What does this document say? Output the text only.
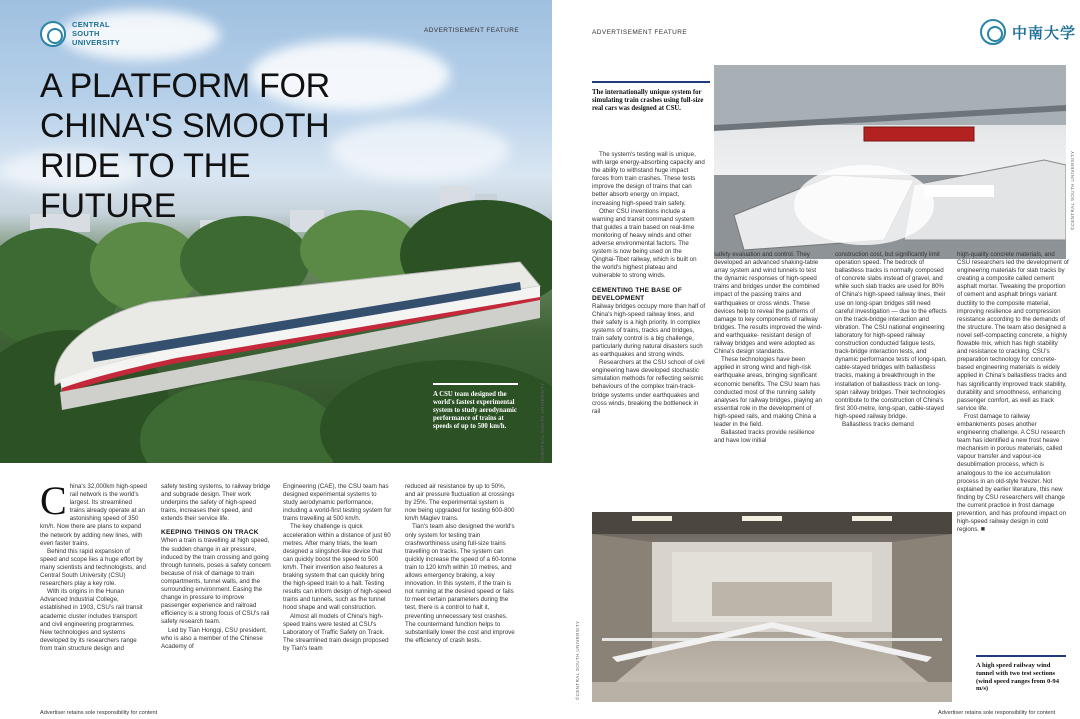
A CSU team designed the world's fastest experimental system to study aerodynamic performance of trains at speeds of up to 500 km/h.
CENTRAL SOUTH UNIVERSITY
ADVERTISEMENT FEATURE
A PLATFORM FOR CHINA'S SMOOTH RIDE TO THE FUTURE
©CENTRAL SOUTH UNIVERSITY
C hina's 32,000km high-speed rail network is the world's largest. Its streamlined trains already operate at an astonishing speed of 350 km/h. Now there are plans to expand the network by adding new lines, with even faster trains.

Behind this rapid expansion of speed and scope lies a huge effort by many scientists and technologists, and Central South University (CSU) researchers play a key role.

With its origins in the Hunan Advanced Industrial College, established in 1903, CSU's rail transit academic cluster includes transport and civil engineering programmes. New technologies and systems developed by its researchers range from train structure design and

safety testing systems, to railway bridge and subgrade design. Their work underpins the safety of high-speed trains, increases their speed, and extends their service life.

KEEPING THINGS ON TRACK

When a train is travelling at high speed, the sudden change in air pressure, induced by the train crossing and going through tunnels, poses a safety concern because of risk of damage to train compartments, tunnel walls, and the surrounding environment. Easing the change in pressure to improve passenger experience and railroad efficiency is a strong focus of CSU's rail safety research team.

Led by Tian Hongqi, CSU president, who is also a member of the Chinese Academy of

Engineering (CAE), the CSU team has designed experimental systems to study aerodynamic performance, including a world-first testing system for trains travelling at 500 km/h.

The key challenge is quick acceleration within a distance of just 60 metres. After many trials, the team designed a slingshot-like device that can quickly boost the speed to 500 km/h. Their invention also features a braking system that can quickly bring the high-speed train to a halt. Testing results can inform design of high-speed trains and tunnels, such as the tunnel hood shape and wall construction.

Almost all models of China's high-speed trains were tested at CSU's Laboratory of Traffic Safety on Track. The streamlined train design proposed by Tian's team

reduced air resistance by up to 50%, and air pressure fluctuation at crossings by 25%. The experimental system is now being upgraded for testing 600-800 km/h Maglev trains.

Tian's team also designed the world's only system for testing train crashworthiness using full-size trains travelling on tracks. The system can quickly increase the speed of a 60-tonne train to 120 km/h within 10 metres, and allows emergency braking, a key innovation. In this system, if the train is not running at the desired speed or fails to meet certain parameters during the test, there is a control to halt it, preventing unnecessary test crashes. The countermand function helps to substantially lower the cost and improve the efficiency of crash tests.

Advertiser retains sole responsibility for content
ADVERTISEMENT FEATURE	中南大学
The internationally unique system for simulating train crashes using full-size real cars was designed at CSU.
©CENTRAL SOUTH UNIVERSITY

The system's testing wall is unique, with large energy-absorbing capacity and the ability to withstand huge impact forces from train crashes. These tests improve the design of trains that can better absorb energy on impact, increasing high-speed train safety.

Other CSU inventions include a warning and transit command system that guides a train based on real-time monitoring of heavy winds and other adverse environmental factors. The system is now being used on the Qinghai-Tibet railway, which is built on the world's highest plateau and vulnerable to strong winds.

CEMENTING THE BASE OF DEVELOPMENT

Railway bridges occupy more than half of China's high-speed railway lines, and their safety is a high priority. In complex systems of trains, tracks and bridges, train safety control is a big challenge, particularly during natural disasters such as earthquakes and strong winds.

Researchers at the CSU school of civil engineering have developed stochastic simulation methods for reflecting seismic behaviours of the complex train-track-bridge systems under earthquakes and cross winds, breaking the bottleneck in rail

safety evaluation and control. They developed an advanced shaking-table array system and wind tunnels to test the dynamic responses of high-speed trains and bridges under the combined impact of the passing trains and earthquakes or cross winds. These devices help to reveal the patterns of damage to key components of railway bridges. The results improved the wind- and earthquake- resistant design of railway bridges and were adopted as China's design standards.

These technologies have been applied in strong wind and high-risk earthquake areas, bringing significant economic benefits. The CSU team has conducted most of the running safety analyses for railway bridges, playing an essential role in the development of high-speed rails, and making China a leader in the field.

Ballasted tracks provide resilience and have low initial

construction cost, but significantly limit operation speed. The bedrock of ballastless tracks is normally composed of concrete slabs instead of gravel, and while such slab tracks are used for 80% of China's high-speed railway lines, their use on long-span bridges still need careful investigation — due to the effects on the track-bridge interaction and vibration. The CSU national engineering laboratory for high-speed railway construction conducted fatigue tests, track-bridge interaction tests, and dynamic performance tests of long-span, cable-stayed bridges with ballastless tracks, making a breakthrough in the installation of ballastless track on long-span railway bridges. Their technologies contribute to the construction of China's first 300-metre, long-span, cable-stayed high-speed railway bridge.

Ballastless tracks demand

high-quality concrete materials, and CSU researchers led the development of engineering materials for slab tracks by creating a composite called cement asphalt mortar. Tweaking the proportion of cement and asphalt brings variant ductility to the composite material, improving resilience and compression resistance according to the demands of the structure. The team also designed a novel self-compacting concrete, a highly flowable mix, which has high stability and resistance to cracking. CSU's preparation technology for concrete-based engineering materials is widely applied in China's ballastless tracks and has significantly improved track stability, durability and smoothness, enhancing passenger comfort, as well as track service life.

Frost damage to railway embankments poses another engineering challenge. A CSU research team has identified a new frost heave mechanism in porous materials, called vapour transfer and vapour-ice desublimation process, which is analogous to the ice accumulation process in an old-style freezer. Not explained by earlier literature, this new finding by CSU researchers will change the current practice in frost damage prevention, and has profound impact on high-speed railway design in cold regions. ■

©CENTRAL SOUTH UNIVERSITY	A high speed railway wind tunnel with two test sections (wind speed ranges from 0-94 m/s)
Advertiser retains sole responsibility for content
